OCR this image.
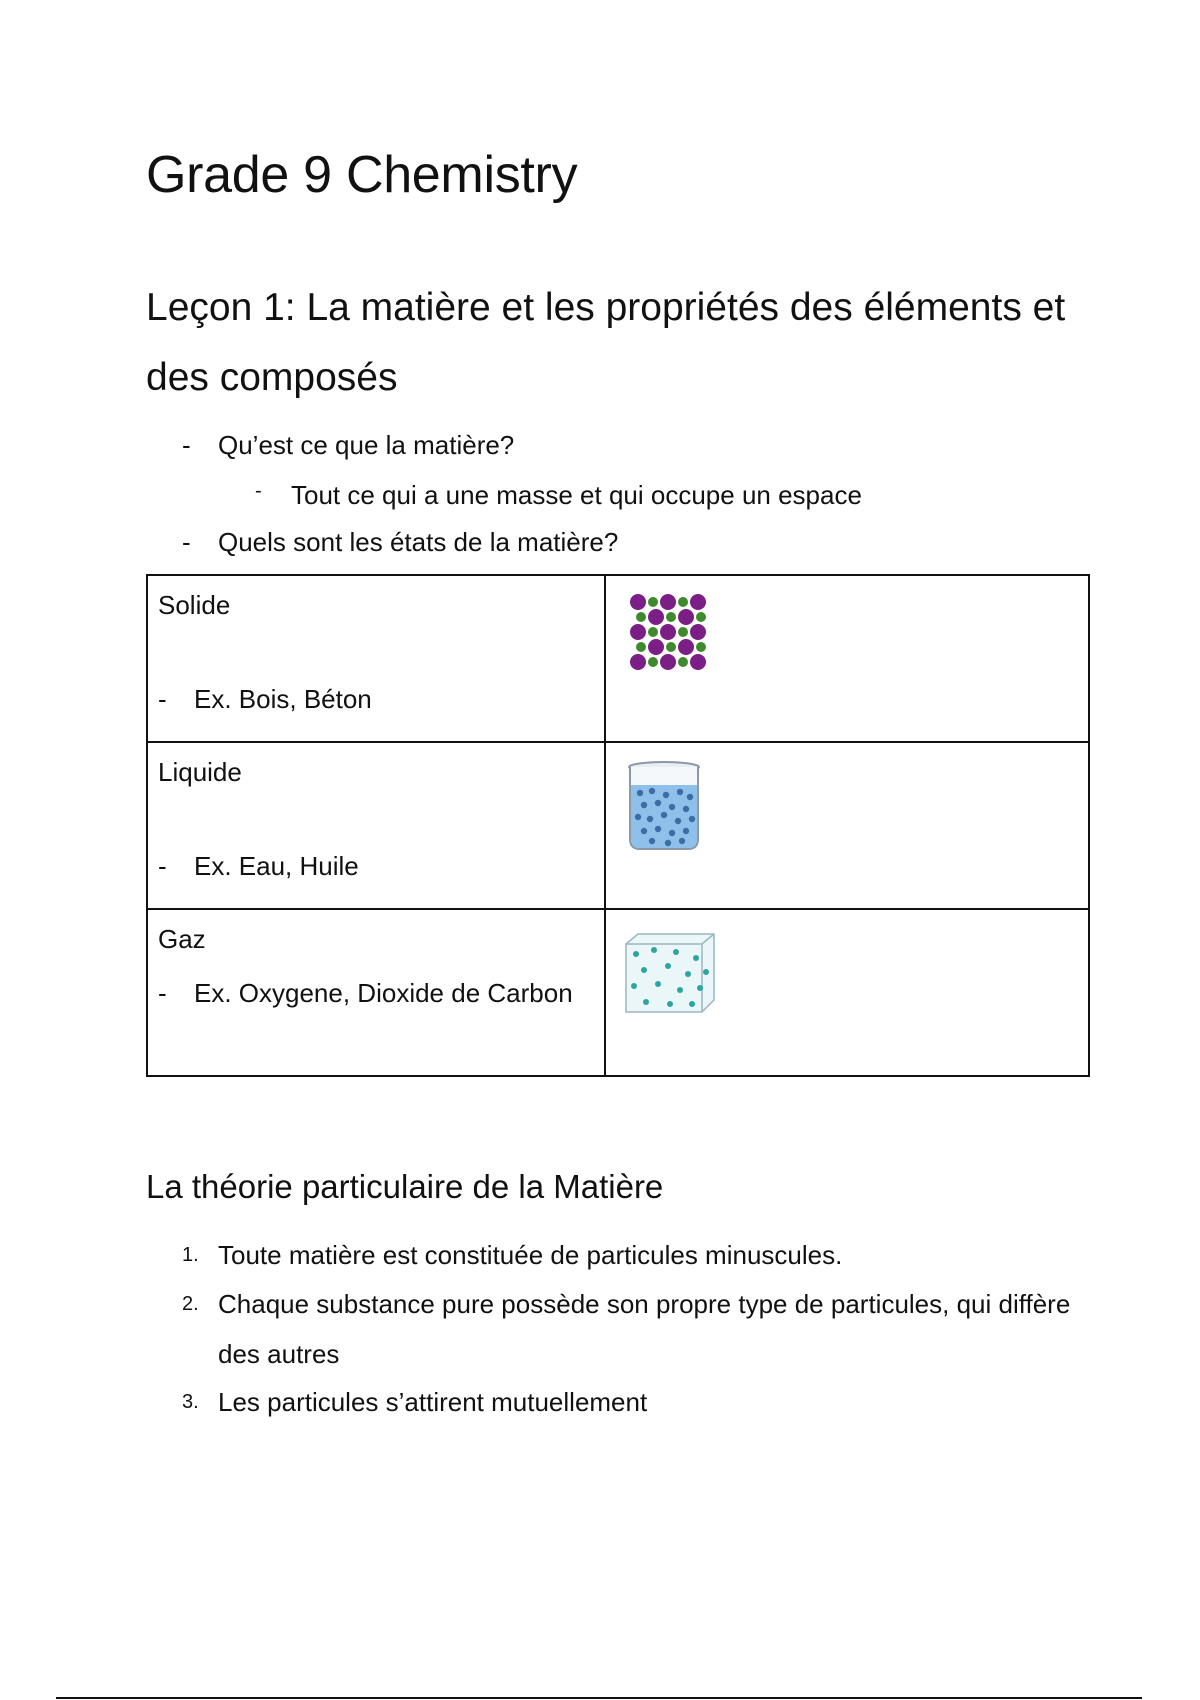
Grade 9 Chemistry
Leçon 1: La matière et les propriétés des éléments et des composés
- Qu’est ce que la matière?
- Tout ce qui a une masse et qui occupe un espace
- Quels sont les états de la matière?
Solide
- Ex. Bois, Béton

Liquide
- Ex. Eau, Huile

Gaz
- Ex. Oxygene, Dioxide de Carbon

La théorie particulaire de la Matière
1. Toute matière est constituée de particules minuscules.
2. Chaque substance pure possède son propre type de particules, qui diffère des autres
3. Les particules s’attirent mutuellement
